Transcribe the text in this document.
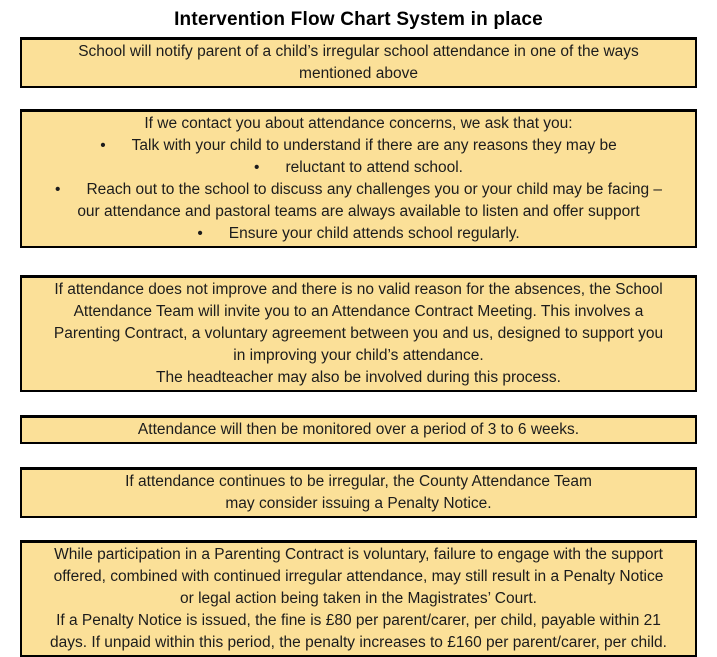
Intervention Flow Chart System in place
School will notify parent of a child’s irregular school attendance in one of the ways
mentioned above
If we contact you about attendance concerns, we ask that you:
• Talk with your child to understand if there are any reasons they may be
• reluctant to attend school.
• Reach out to the school to discuss any challenges you or your child may be facing –
our attendance and pastoral teams are always available to listen and offer support
• Ensure your child attends school regularly.
If attendance does not improve and there is no valid reason for the absences, the School
Attendance Team will invite you to an Attendance Contract Meeting. This involves a
Parenting Contract, a voluntary agreement between you and us, designed to support you
in improving your child’s attendance.
The headteacher may also be involved during this process.
Attendance will then be monitored over a period of 3 to 6 weeks.
If attendance continues to be irregular, the County Attendance Team
may consider issuing a Penalty Notice.
While participation in a Parenting Contract is voluntary, failure to engage with the support
offered, combined with continued irregular attendance, may still result in a Penalty Notice
or legal action being taken in the Magistrates’ Court.
If a Penalty Notice is issued, the fine is £80 per parent/carer, per child, payable within 21
days. If unpaid within this period, the penalty increases to £160 per parent/carer, per child.
